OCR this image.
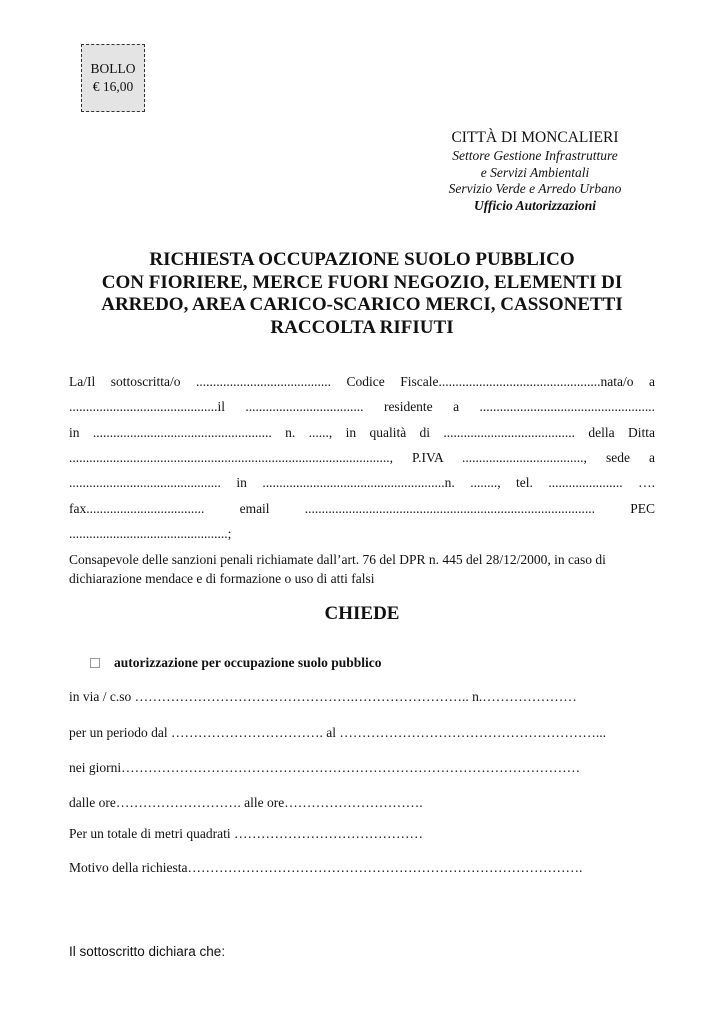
BOLLO
€ 16,00
CITTÀ DI MONCALIERI
Settore Gestione Infrastrutture
e Servizi Ambientali
Servizio Verde e Arredo Urbano
Ufficio Autorizzazioni
RICHIESTA OCCUPAZIONE SUOLO PUBBLICO
CON FIORIERE, MERCE FUORI NEGOZIO, ELEMENTI DI
ARREDO, AREA CARICO-SCARICO MERCI, CASSONETTI
RACCOLTA RIFIUTI
La/Il sottoscritta/o ........................................ Codice Fiscale................................................nata/o a
............................................il ................................... residente a ....................................................
in ..................................................... n. ......, in qualità di ....................................... della Ditta
..............................................................................................., P.IVA ...................................., sede a
............................................. in ......................................................n. ........, tel. ...................... ….
fax................................... email ...................................................................................... PEC
...............................................;
Consapevole delle sanzioni penali richiamate dall’art. 76 del DPR n. 445 del 28/12/2000, in caso di dichiarazione mendace e di formazione o uso di atti falsi
CHIEDE
autorizzazione per occupazione suolo pubblico
in via / c.so ………………………………………….…………………….. n.…………………
per un periodo dal ……………………………. al …………………………………………………...
nei giorni…………………………………………………………………………………………
dalle ore………………………. alle ore………………………….
Per un totale di metri quadrati ……………………………………
Motivo della richiesta…………………………………………………………………………….
Il sottoscritto dichiara che:
